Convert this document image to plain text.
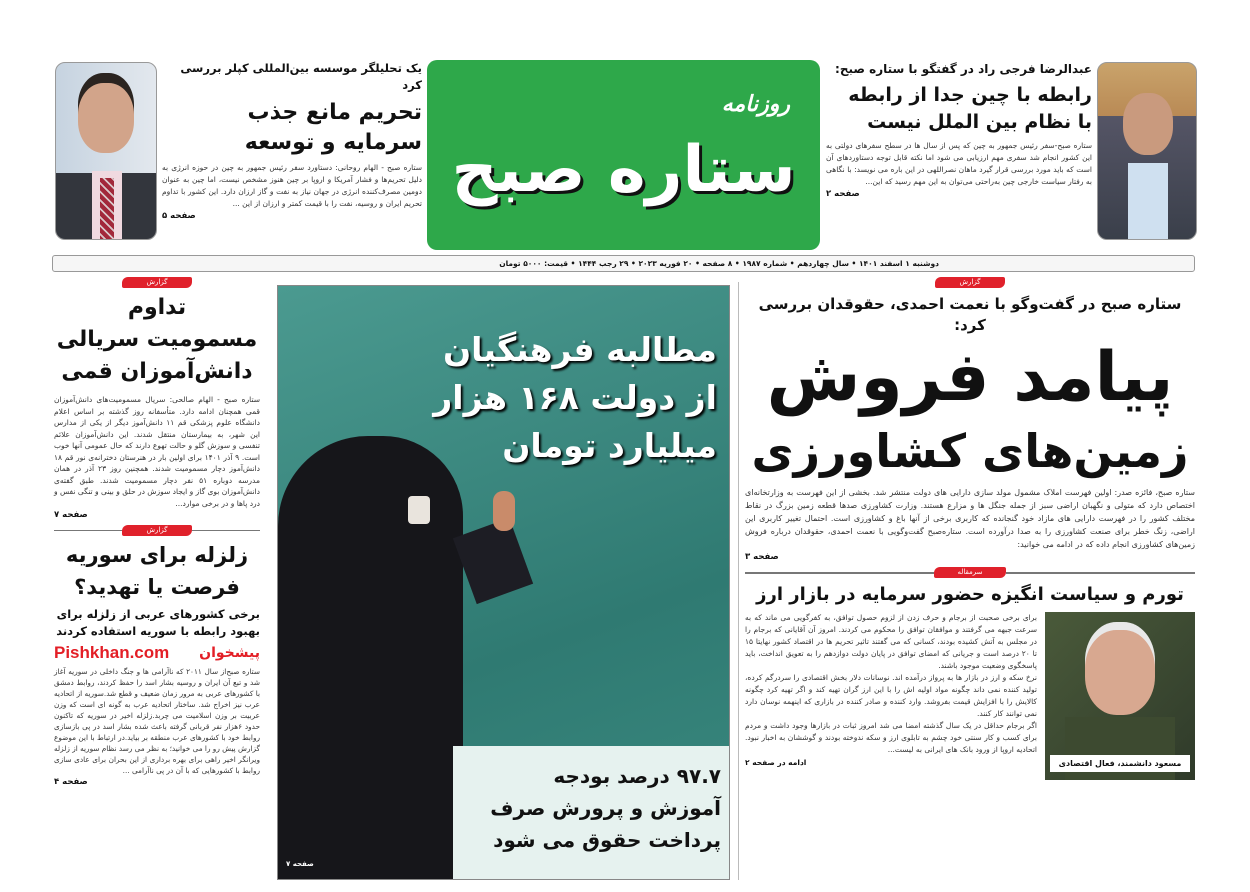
عبدالرضا فرجی راد در گفتگو با ستاره صبح:
رابطه با چین جدا از رابطه
با نظام بین الملل نیست
ستاره صبح-سفر رئیس جمهور به چین که پس از سال ها در سطح سفرهای دولتی به این کشور انجام شد سفری مهم ارزیابی می شود اما نکته قابل توجه دستاوردهای آن است که باید مورد بررسی قرار گیرد ماهان نصراللهی در این باره می نویسد: با نگاهی به رفتار سیاست خارجی چین به‌راحتی می‌توان به این مهم رسید که این...
صفحه ۲
روزنامه
ستاره صبح
یک تحلیلگر موسسه بین‌المللی کپلر بررسی کرد
تحریم مانع جذب
سرمایه و توسعه
ستاره صبح - الهام روحانی: دستاورد سفر رئیس جمهور به چین در حوزه انرژی به دلیل تحریم‌ها و فشار آمریکا و اروپا بر چین هنوز مشخص نیست، اما چین به عنوان دومین مصرف‌کننده انرژی در جهان نیاز به نفت و گاز ارزان دارد. این کشور با تداوم تحریم ایران و روسیه، نفت را با قیمت کمتر و ارزان از این ...
صفحه ۵
دوشنبه ۱ اسفند ۱۴۰۱ • سال چهاردهم • شماره ۱۹۸۷ • ۸ صفحه • ۲۰ فوریه ۲۰۲۳ • ۲۹ رجب ۱۴۴۴ • قیمت: ۵۰۰۰ تومان
گزارش
ستاره صبح در گفت‌وگو با نعمت احمدی، حقوقدان بررسی کرد:
پیامد فروش
زمین‌های کشاورزی
ستاره صبح، فائزه صدر: اولین فهرست املاک مشمول مولد سازی دارایی های دولت منتشر شد. بخشی از این فهرست به وزارتخانه‌ای اختصاص دارد که متولی و نگهبان اراضی سبز از جمله جنگل ها و مزارع هستند. وزارت کشاورزی صدها قطعه زمین بزرگ در نقاط مختلف کشور را در فهرست دارایی های مازاد خود گنجانده که کاربری برخی از آنها باغ و کشاورزی است. احتمال تغییر کاربری این اراضی، زنگ خطر برای صنعت کشاورزی را به صدا درآورده است. ستاره‌صبح گفت‌وگویی با نعمت احمدی، حقوقدان درباره فروش زمین‌های کشاورزی انجام داده که در ادامه می خوانید:
صفحه ۳
سرمقاله
تورم و سیاست انگیزه حضور سرمایه در بازار ارز

برای برخی صحبت از برجام و حرف زدن از لزوم حصول توافق، به کفرگویی می ماند که به سرعت جبهه می گرفتند و موافقان توافق را محکوم می کردند. امروز آن آقایانی که برجام را در مجلس به آتش کشیده بودند، کسانی که می گفتند تاثیر تحریم ها در اقتصاد کشور نهایتا ۱۵ تا ۲۰ درصد است و جریانی که امضای توافق در پایان دولت دوازدهم را به تعویق انداخت، باید پاسخگوی وضعیت موجود باشند.

نرخ سکه و ارز در بازار ها به پرواز درآمده اند. نوسانات دلار بخش اقتصادی را سردرگم کرده، تولید کننده نمی داند چگونه مواد اولیه اش را با این ارز گران تهیه کند و اگر تهیه کرد چگونه کالایش را با افزایش قیمت بفروشد. وارد کننده و صادر کننده در بازاری که اینهمه نوسان دارد نمی توانند کار کنند.

اگر برجام حداقل در یک سال گذشته امضا می شد امروز ثبات در بازارها وجود داشت و مردم برای کسب و کار سنتی خود چشم به تابلوی ارز و سکه ندوخته بودند و گوششان به اخبار نبود. اتحادیه اروپا از ورود بانک های ایرانی به لیست...

ادامه در صفحه ۲	مسعود دانشمند، فعال اقتصادی
مطالبه فرهنگیان
از دولت ۱۶۸ هزار
میلیارد تومان
۹۷.۷ درصد بودجه
آموزش و پرورش صرف
پرداخت حقوق می شود
صفحه ۷
گزارش
تداوم
مسمومیت سریالی
دانش‌آموزان قمی
ستاره صبح - الهام صالحی: سریال مسمومیت‌های دانش‌آموزان قمی همچنان ادامه دارد. متأسفانه روز گذشته بر اساس اعلام دانشگاه علوم پزشکی قم ۱۱ دانش‌آموز دیگر از یکی از مدارس این شهر، به بیمارستان منتقل شدند. این دانش‌آموزان علائم تنفسی و سوزش گلو و حالت تهوع دارند که حال عمومی آنها خوب است. ۹ آذر ۱۴۰۱ برای اولین بار در هنرستان دخترانه‌ی نور قم ۱۸ دانش‌آموز دچار مسمومیت شدند. همچنین روز ۲۳ آذر در همان مدرسه دوباره ۵۱ نفر دچار مسمومیت شدند. طبق گفته‌ی دانش‌آموزان بوی گاز و ایجاد سوزش در حلق و بینی و تنگی نفس و درد پاها و در برخی موارد...
صفحه ۷
گزارش
زلزله برای سوریه
فرصت یا تهدید؟
برخی کشورهای عربی از زلزله برای
بهبود رابطه با سوریه استفاده کردند
Pishkhan.com پیشخوان
ستاره صبح‌از سال ۲۰۱۱ که ناآرامی ها و جنگ داخلی در سوریه آغاز شد و تبع آن ایران و روسیه بشار اسد را حفظ کردند، روابط دمشق با کشورهای عربی به مرور زمان ضعیف و قطع شد.سوریه از اتحادیه عرب نیز اخراج شد. ساختار اتحادیه عرب به گونه ای است که وزن عربیت بر وزن اسلامیت می چربد.زلزله اخیر در سوریه که تاکنون حدود ۶هزار نفر قربانی گرفته باعث شده بشار اسد در پی بازسازی روابط خود با کشورهای عرب منطقه بر بیاید.در ارتباط با این موضوع گزارش پیش رو را می خوانید؛ به نظر می رسد نظام سوریه از زلزله ویرانگر اخیر راهی برای بهره برداری از این بحران برای عادی سازی روابط با کشورهایی که با آن در پی ناآرامی ...
صفحه ۴
